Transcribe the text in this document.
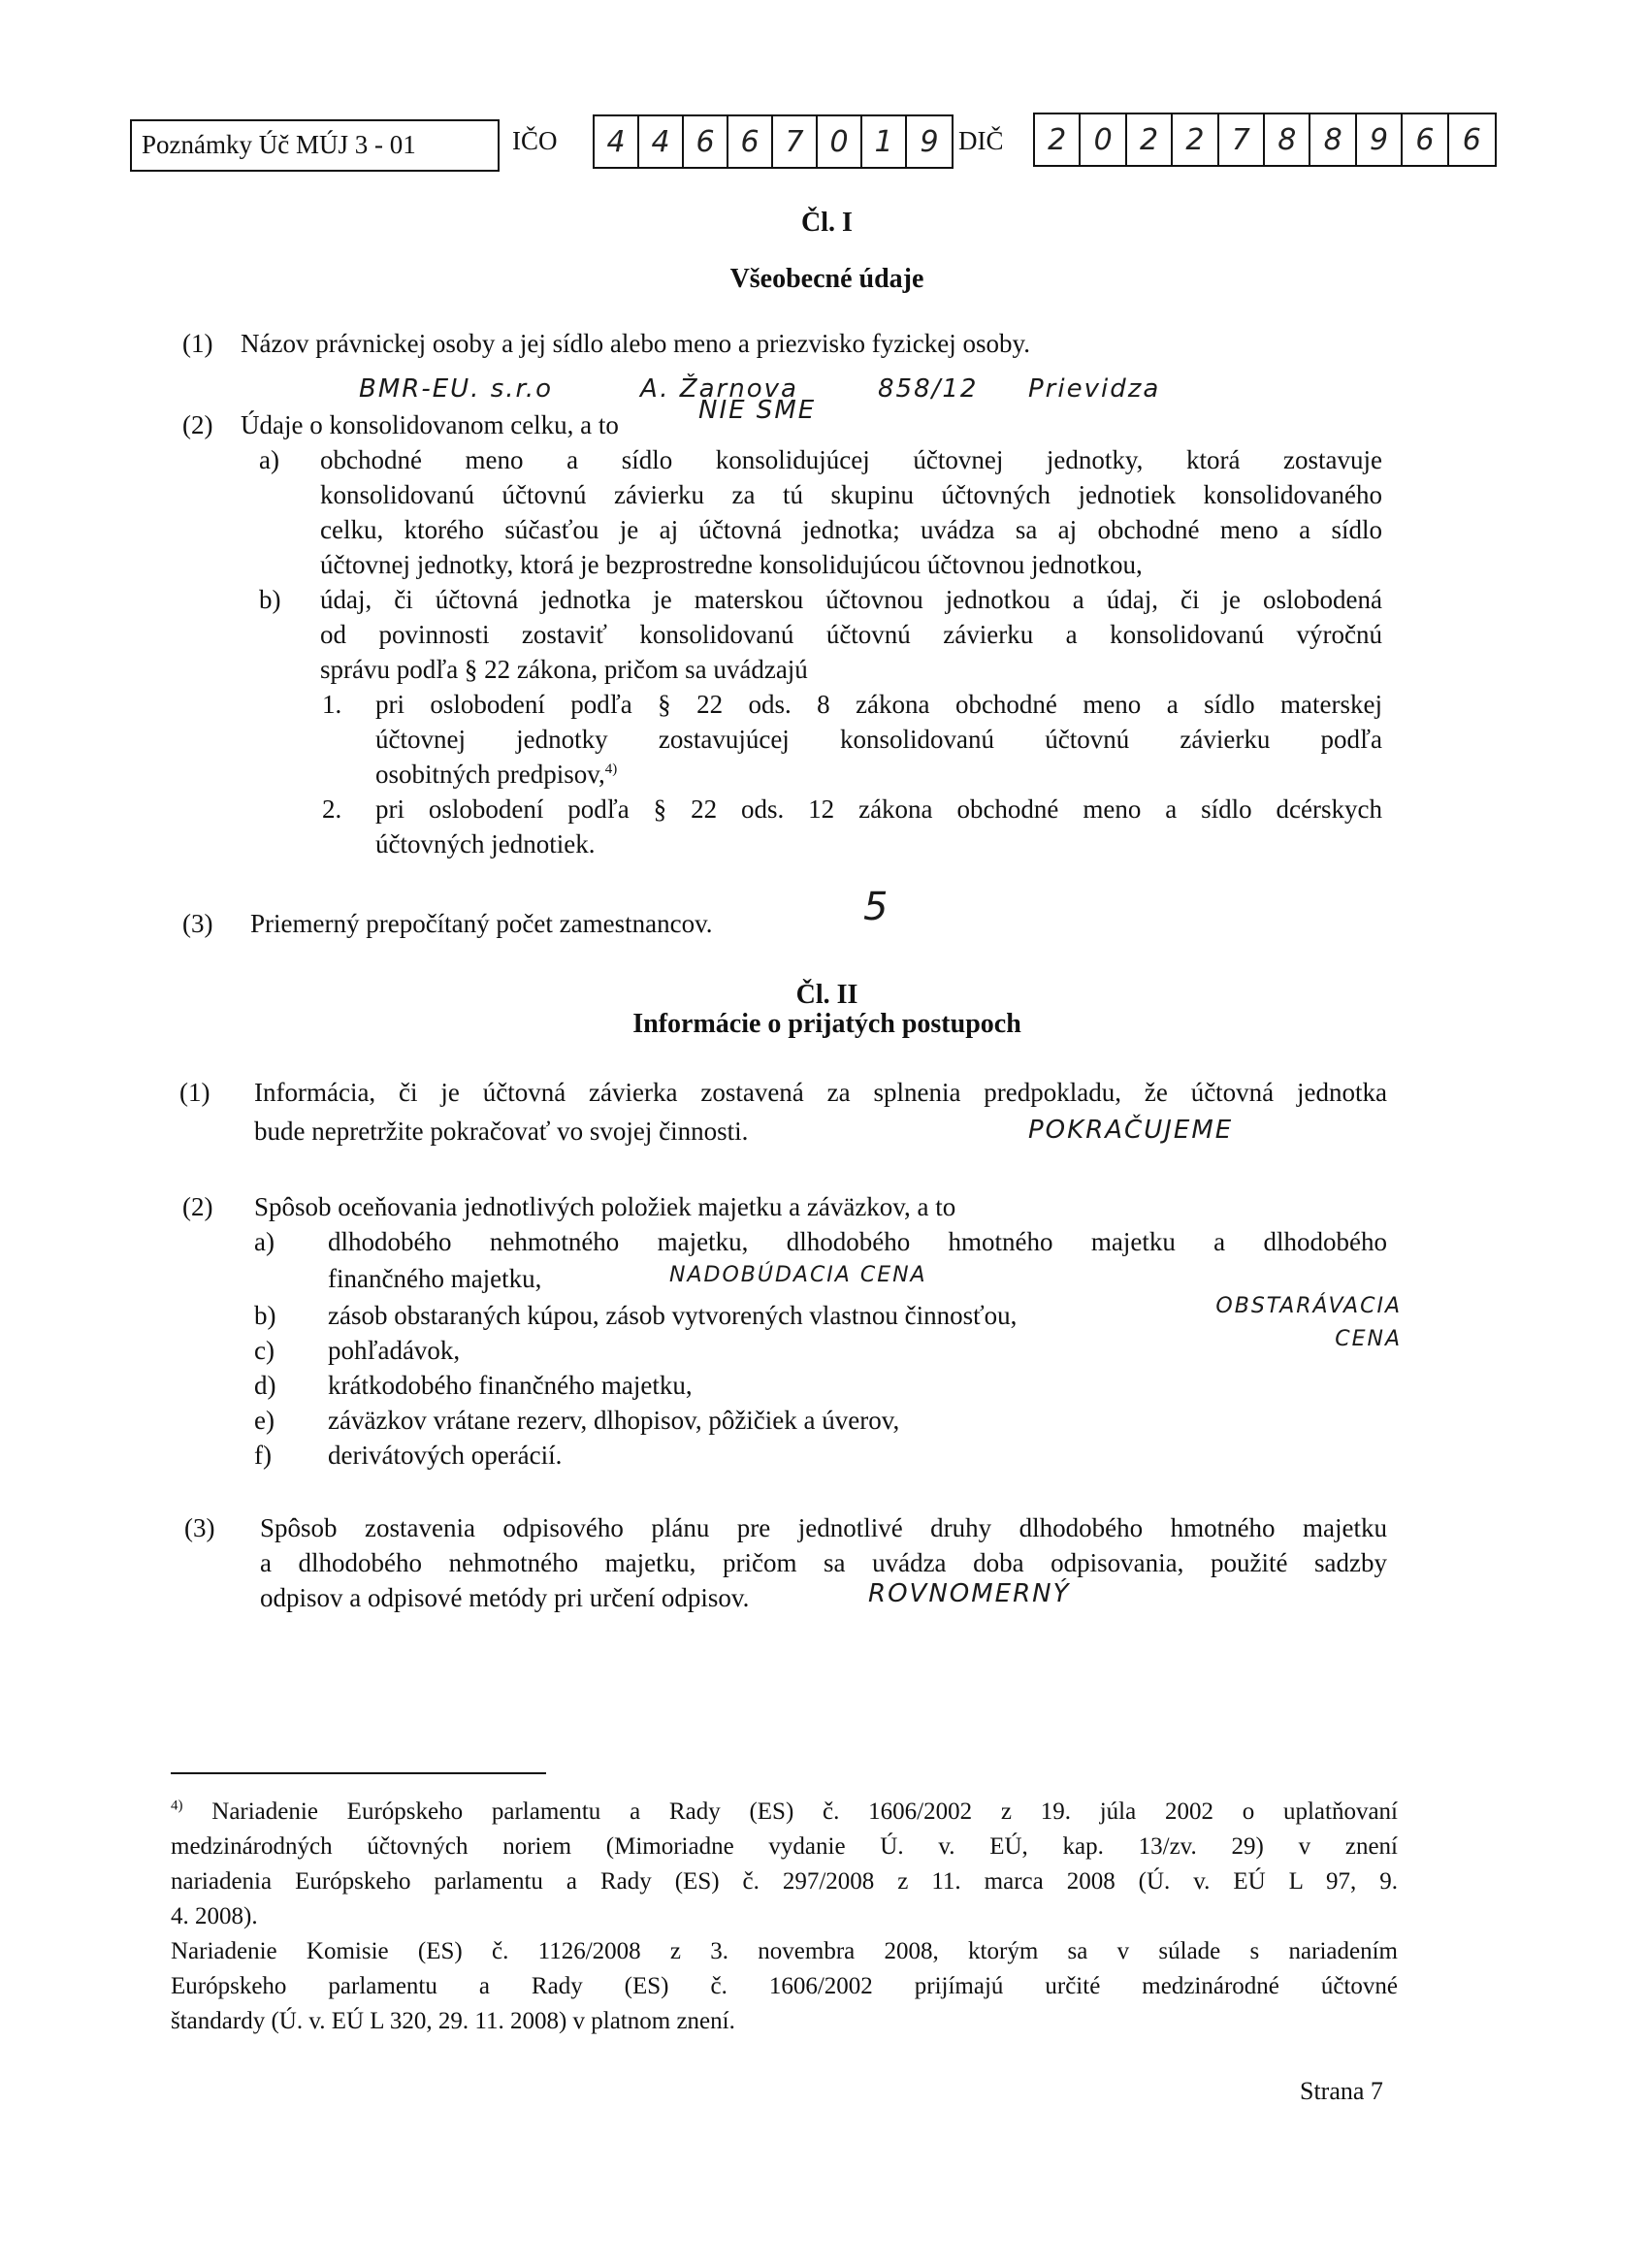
Poznámky Úč MÚJ 3 - 01	IČO	4 4 6 6 7 0 1 9 DIČ	2 0 2 2 7 8 8 9 6 6
Čl. I
Všeobecné údaje
(1) Názov právnickej osoby a jej sídlo alebo meno a priezvisko fyzickej osoby.
BMR-EU. s.r.o	A. Žarnova	858/12 Prievidza
(2) Údaje o konsolidovanom celku, a to	NIE SME
a) obchodné meno a sídlo konsolidujúcej účtovnej jednotky, ktorá zostavuje
konsolidovanú účtovnú závierku za tú skupinu účtovných jednotiek konsolidovaného
celku, ktorého súčasťou je aj účtovná jednotka; uvádza sa aj obchodné meno a sídlo
účtovnej jednotky, ktorá je bezprostredne konsolidujúcou účtovnou jednotkou,
b) údaj, či účtovná jednotka je materskou účtovnou jednotkou a údaj, či je oslobodená
od povinnosti zostaviť konsolidovanú účtovnú závierku a konsolidovanú výročnú
správu podľa § 22 zákona, pričom sa uvádzajú
1. pri oslobodení podľa § 22 ods. 8 zákona obchodné meno a sídlo materskej
účtovnej jednotky zostavujúcej konsolidovanú účtovnú závierku podľa
osobitných predpisov,$^{4)}$
2. pri oslobodení podľa § 22 ods. 12 zákona obchodné meno a sídlo dcérskych
účtovných jednotiek.
(3) Priemerný prepočítaný počet zamestnancov.	5
Čl. II
Informácie o prijatých postupoch
(1) Informácia, či je účtovná závierka zostavená za splnenia predpokladu, že účtovná jednotka
bude nepretržite pokračovať vo svojej činnosti.	POKRAČUJEME
(2) Spôsob oceňovania jednotlivých položiek majetku a záväzkov, a to
a) dlhodobého nehmotného majetku, dlhodobého hmotného majetku a dlhodobého
finančného majetku,	NADOBÚDACIA CENA
b) zásob obstaraných kúpou, zásob vytvorených vlastnou činnosťou,	OBSTARÁVACIA CENA
c) pohľadávok,
d) krátkodobého finančného majetku,
e) záväzkov vrátane rezerv, dlhopisov, pôžičiek a úverov,
f) derivátových operácií.
(3) Spôsob zostavenia odpisového plánu pre jednotlivé druhy dlhodobého hmotného majetku
a dlhodobého nehmotného majetku, pričom sa uvádza doba odpisovania, použité sadzby
odpisov a odpisové metódy pri určení odpisov.	ROVNOMERNÝ
$^{4)}$ Nariadenie Európskeho parlamentu a Rady (ES) č. 1606/2002 z 19. júla 2002 o uplatňovaní
medzinárodných účtovných noriem (Mimoriadne vydanie Ú. v. EÚ, kap. 13/zv. 29) v znení
nariadenia Európskeho parlamentu a Rady (ES) č. 297/2008 z 11. marca 2008 (Ú. v. EÚ L 97, 9.
4. 2008).
Nariadenie Komisie (ES) č. 1126/2008 z 3. novembra 2008, ktorým sa v súlade s nariadením
Európskeho parlamentu a Rady (ES) č. 1606/2002 prijímajú určité medzinárodné účtovné
štandardy (Ú. v. EÚ L 320, 29. 11. 2008) v platnom znení.
Strana 7
